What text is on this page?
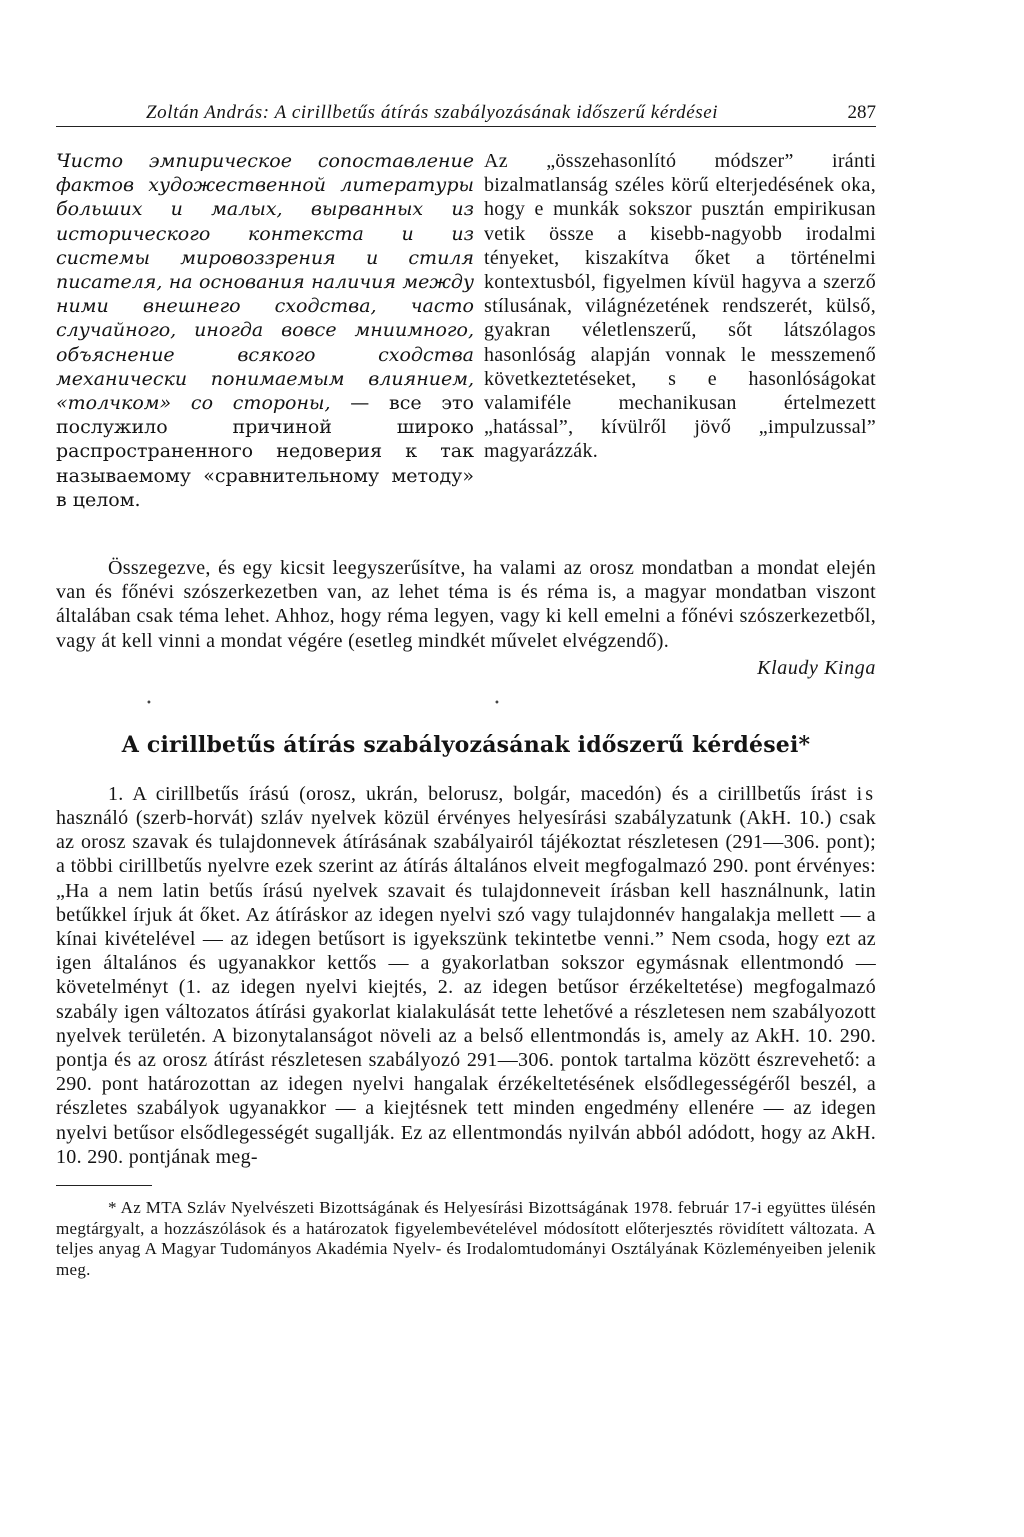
Zoltán András: A cirillbetűs átírás szabályozásának időszerű kérdései	287
Чисто эмпирическое сопоставление фактов художественной литературы больших и малых, вырванных из исторического контекста и из системы мировоззрения и стиля писателя, на основания наличия между ними внешнего сходства, часто случайного, иногда вовсе мниимного, объяснение всякого сходства механически понимаемым влиянием, «толчком» со стороны, — все это послужило причиной широко распространенного недоверия к так называемому «сравнительному методу» в целом.
Az „összehasonlító módszer” iránti bizalmatlanság széles körű elterjedésének oka, hogy e munkák sokszor pusztán empirikusan vetik össze a kisebb-nagyobb irodalmi tényeket, kiszakítva őket a történelmi kontextusból, figyelmen kívül hagyva a szerző stílusának, világnézetének rendszerét, külső, gyakran véletlenszerű, sőt látszólagos hasonlóság alapján vonnak le messzemenő következtetéseket, s e hasonlóságokat valamiféle mechanikusan értelmezett „hatással”, kívülről jövő „impulzussal” magyarázzák.

Összegezve, és egy kicsit leegyszerűsítve, ha valami az orosz mondatban a mondat elején van és főnévi szószerkezetben van, az lehet téma is és réma is, a magyar mondatban viszont általában csak téma lehet. Ahhoz, hogy réma legyen, vagy ki kell emelni a főnévi szószerkezetből, vagy át kell vinni a mondat végére (esetleg mindkét művelet elvégzendő).

Klaudy Kinga
•	•
A cirillbetűs átírás szabályozásának időszerű kérdései*

1. A cirillbetűs írású (orosz, ukrán, belorusz, bolgár, macedón) és a cirillbetűs írást is használó (szerb-horvát) szláv nyelvek közül érvényes helyesírási szabályzatunk (AkH. 10.) csak az orosz szavak és tulajdonnevek átírásának szabályairól tájékoztat részletesen (291—306. pont); a többi cirillbetűs nyelvre ezek szerint az átírás általános elveit megfogalmazó 290. pont érvényes: „Ha a nem latin betűs írású nyelvek szavait és tulajdonneveit írásban kell használnunk, latin betűkkel írjuk át őket. Az átíráskor az idegen nyelvi szó vagy tulajdonnév hangalakja mellett — a kínai kivételével — az idegen betűsort is igyekszünk tekintetbe venni.” Nem csoda, hogy ezt az igen általános és ugyanakkor kettős — a gyakorlatban sokszor egymásnak ellentmondó — követelményt (1. az idegen nyelvi kiejtés, 2. az idegen betűsor érzékeltetése) megfogalmazó szabály igen változatos átírási gyakorlat kialakulását tette lehetővé a részletesen nem szabályozott nyelvek területén. A bizonytalanságot növeli az a belső ellentmondás is, amely az AkH. 10. 290. pontja és az orosz átírást részletesen szabályozó 291—306. pontok tartalma között észrevehető: a 290. pont határozottan az idegen nyelvi hangalak érzékeltetésének elsődlegességéről beszél, a részletes szabályok ugyanakkor — a kiejtésnek tett minden engedmény ellenére — az idegen nyelvi betűsor elsődlegességét sugallják. Ez az ellentmondás nyilván abból adódott, hogy az AkH. 10. 290. pontjának meg-

* Az MTA Szláv Nyelvészeti Bizottságának és Helyesírási Bizottságának 1978. február 17-i együttes ülésén megtárgyalt, a hozzászólások és a határozatok figyelembevételével módosított előterjesztés rövidített változata. A teljes anyag A Magyar Tudományos Akadémia Nyelv- és Irodalomtudományi Osztályának Közleményeiben jelenik meg.
